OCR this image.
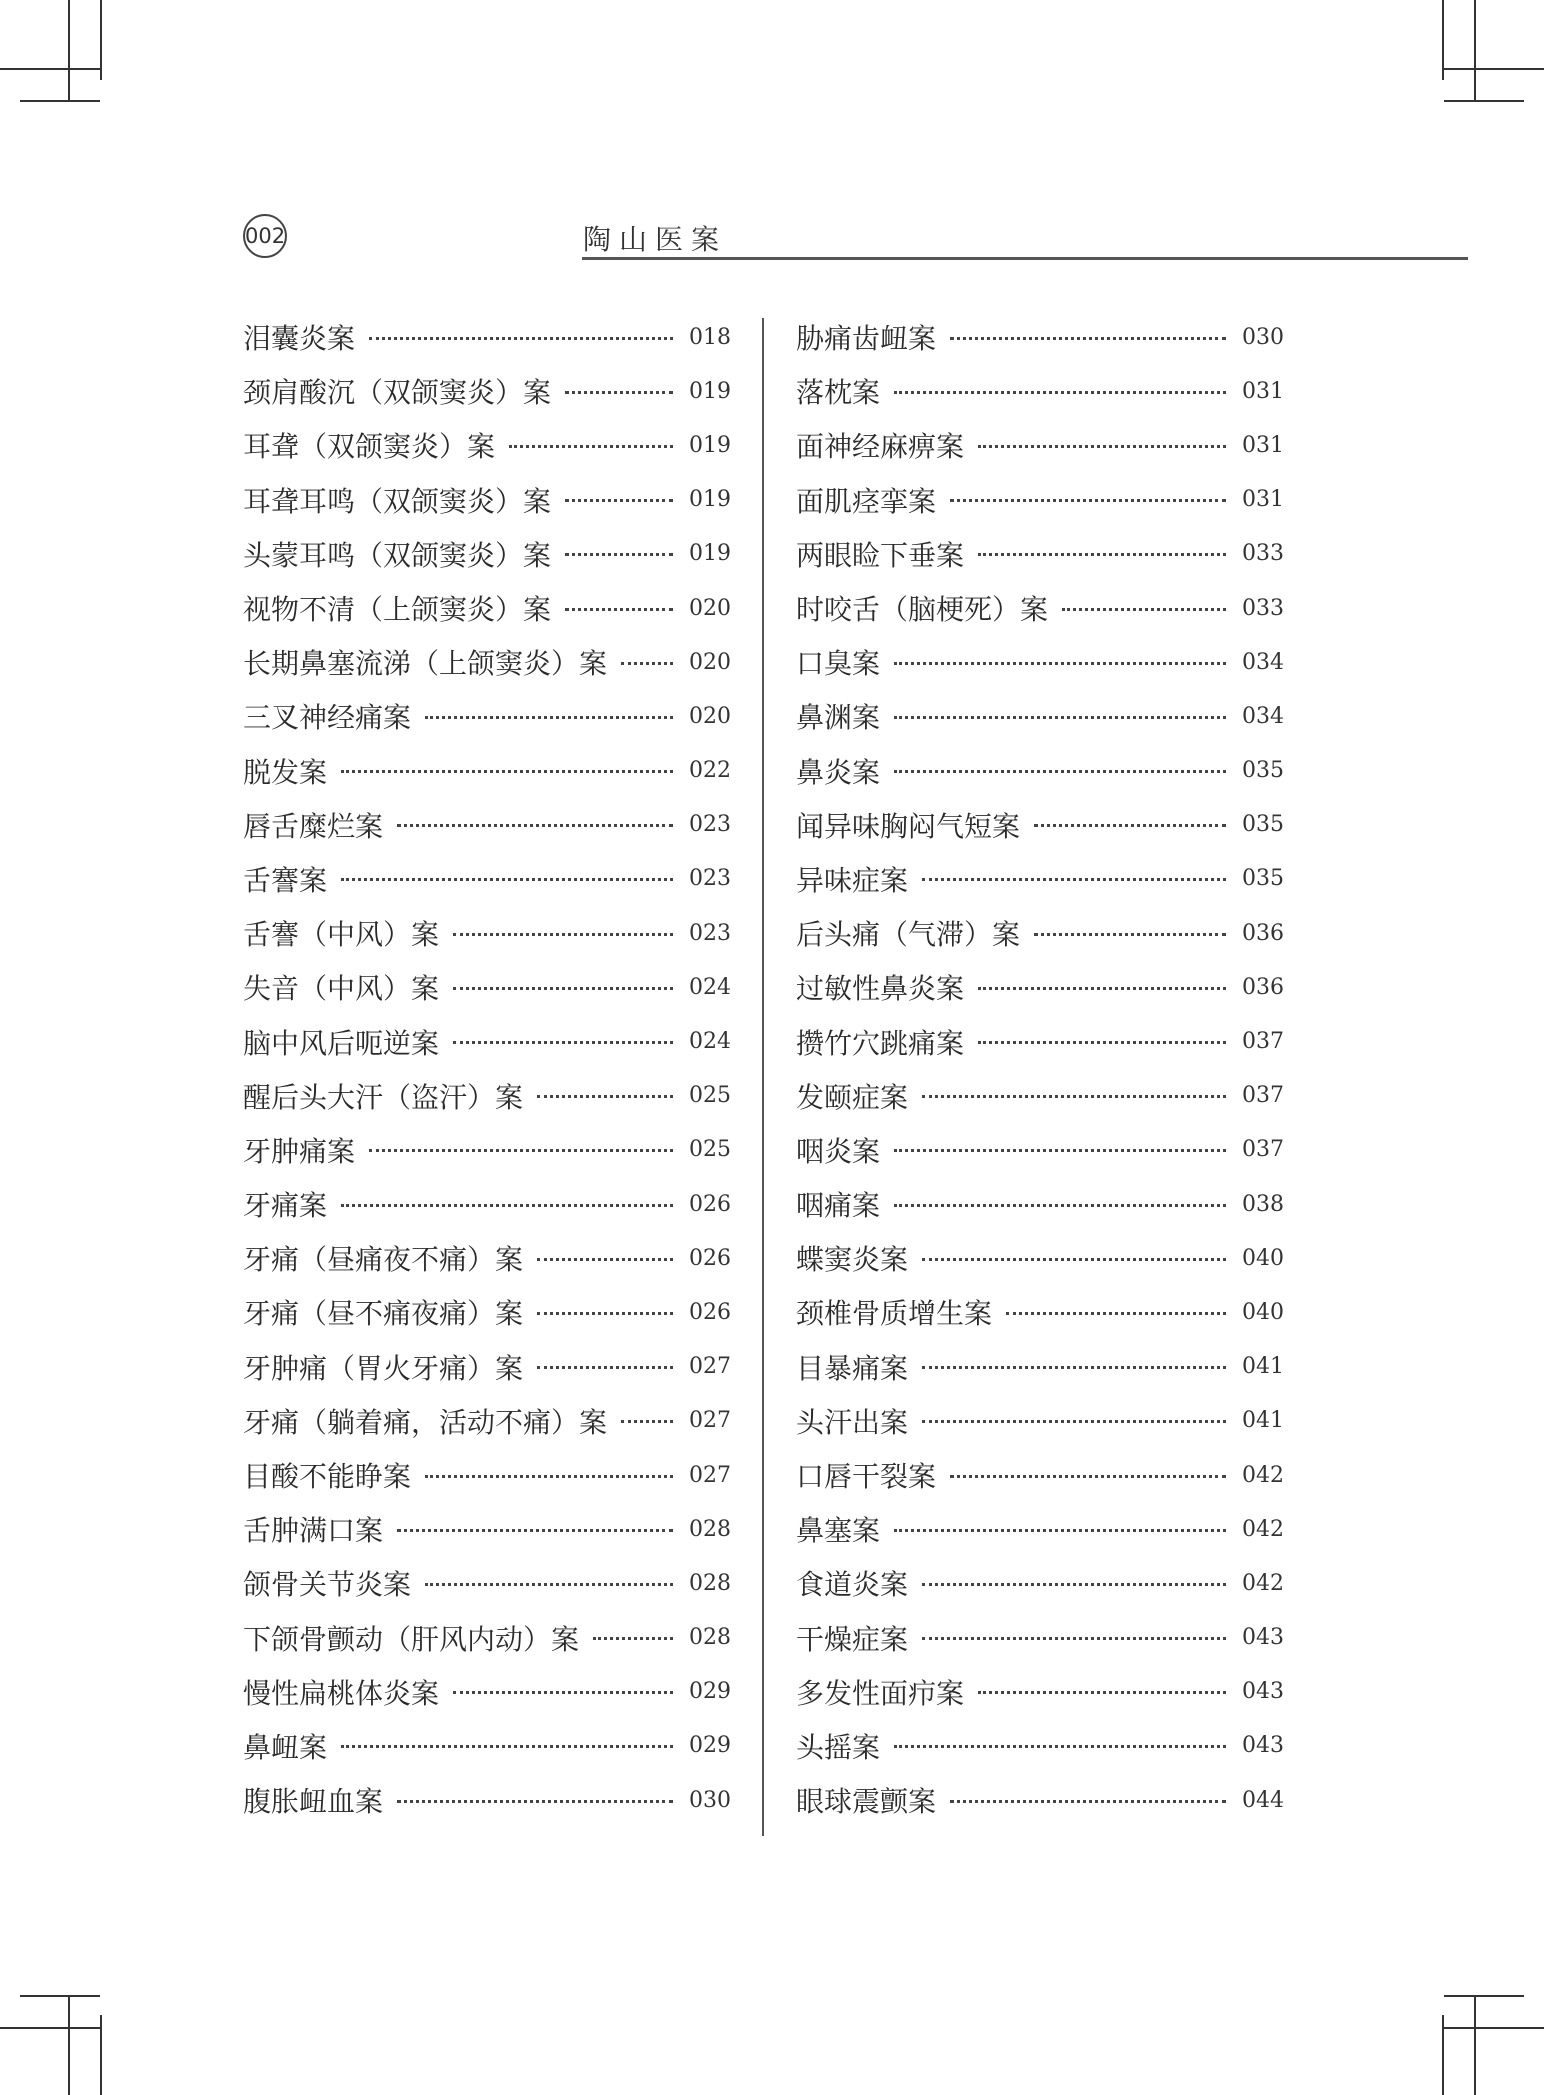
002	陶山医案
泪囊炎案	018
颈肩酸沉（双颌窦炎）案	019
耳聋（双颌窦炎）案	019
耳聋耳鸣（双颌窦炎）案	019
头蒙耳鸣（双颌窦炎）案	019
视物不清（上颌窦炎）案	020
长期鼻塞流涕（上颌窦炎）案	020
三叉神经痛案	020
脱发案	022
唇舌糜烂案	023
舌謇案	023
舌謇（中风）案	023
失音（中风）案	024
脑中风后呃逆案	024
醒后头大汗（盗汗）案	025
牙肿痛案	025
牙痛案	026
牙痛（昼痛夜不痛）案	026
牙痛（昼不痛夜痛）案	026
牙肿痛（胃火牙痛）案	027
牙痛（躺着痛，活动不痛）案	027
目酸不能睁案	027
舌肿满口案	028
颌骨关节炎案	028
下颌骨颤动（肝风内动）案	028
慢性扁桃体炎案	029
鼻衄案	029
腹胀衄血案	030
胁痛齿衄案	030
落枕案	031
面神经麻痹案	031
面肌痉挛案	031
两眼睑下垂案	033
时咬舌（脑梗死）案	033
口臭案	034
鼻渊案	034
鼻炎案	035
闻异味胸闷气短案	035
异味症案	035
后头痛（气滞）案	036
过敏性鼻炎案	036
攒竹穴跳痛案	037
发颐症案	037
咽炎案	037
咽痛案	038
蝶窦炎案	040
颈椎骨质增生案	040
目暴痛案	041
头汗出案	041
口唇干裂案	042
鼻塞案	042
食道炎案	042
干燥症案	043
多发性面疖案	043
头摇案	043
眼球震颤案	044
